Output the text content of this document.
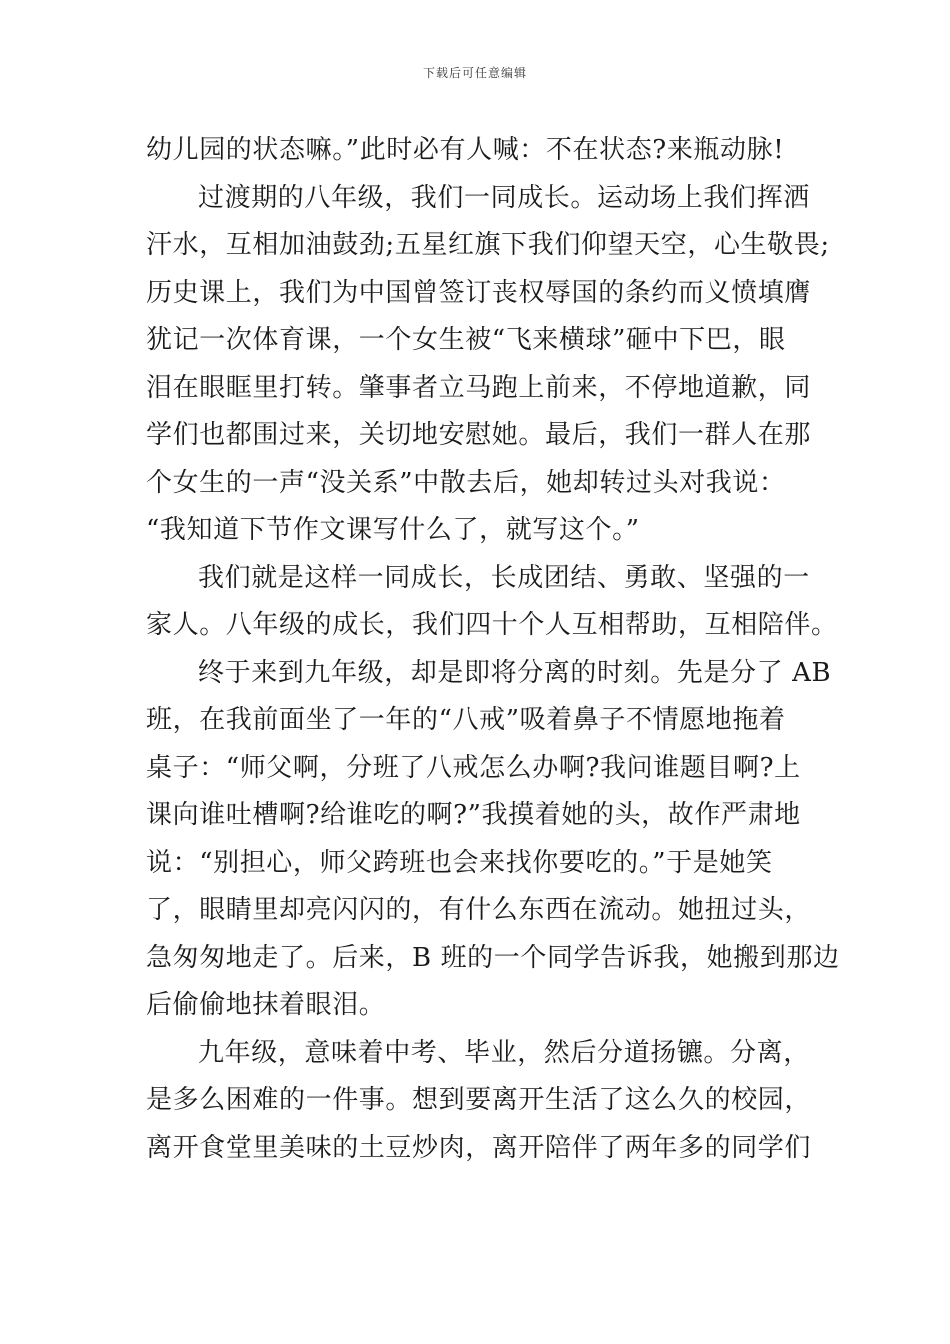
下载后可任意编辑
幼儿园的状态嘛。”此时必有人喊：不在状态?来瓶动脉!
过渡期的八年级，我们一同成长。运动场上我们挥洒
汗水，互相加油鼓劲;五星红旗下我们仰望天空，心生敬畏;
历史课上，我们为中国曾签订丧权辱国的条约而义愤填膺
犹记一次体育课，一个女生被“飞来横球”砸中下巴，眼
泪在眼眶里打转。肇事者立马跑上前来，不停地道歉，同
学们也都围过来，关切地安慰她。最后，我们一群人在那
个女生的一声“没关系”中散去后，她却转过头对我说：
“我知道下节作文课写什么了，就写这个。”
我们就是这样一同成长，长成团结、勇敢、坚强的一
家人。八年级的成长，我们四十个人互相帮助，互相陪伴。
终于来到九年级，却是即将分离的时刻。先是分了 AB
班，在我前面坐了一年的“八戒”吸着鼻子不情愿地拖着
桌子：“师父啊，分班了八戒怎么办啊?我问谁题目啊?上
课向谁吐槽啊?给谁吃的啊?”我摸着她的头，故作严肃地
说：“别担心，师父跨班也会来找你要吃的。”于是她笑
了，眼睛里却亮闪闪的，有什么东西在流动。她扭过头，
急匆匆地走了。后来，B 班的一个同学告诉我，她搬到那边
后偷偷地抹着眼泪。
九年级，意味着中考、毕业，然后分道扬镳。分离，
是多么困难的一件事。想到要离开生活了这么久的校园，
离开食堂里美味的土豆炒肉，离开陪伴了两年多的同学们
